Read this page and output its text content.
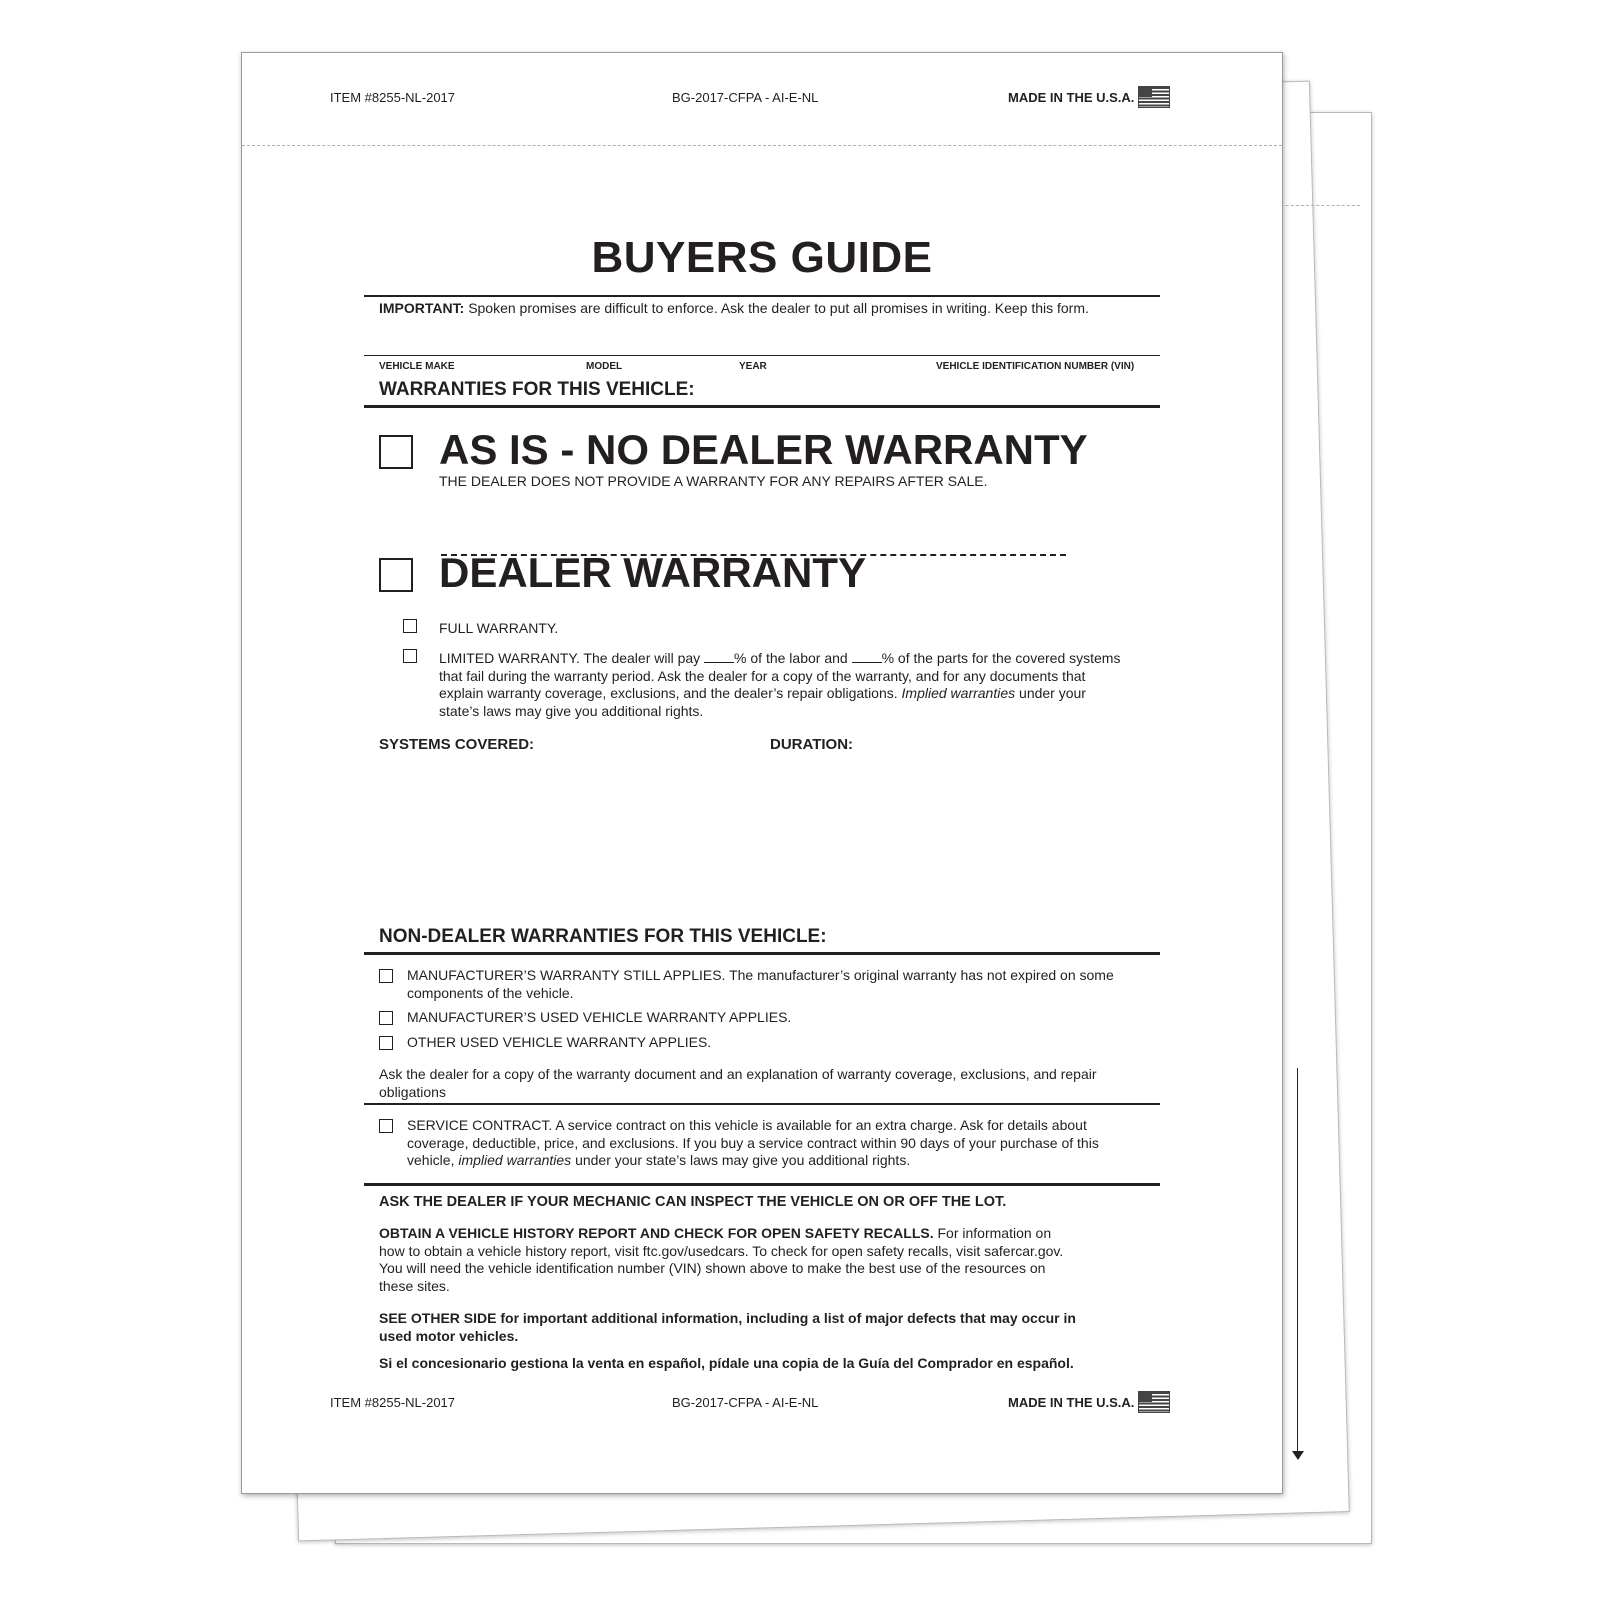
ITEM #8255-NL-2017	BG-2017-CFPA - AI-E-NL	MADE IN THE U.S.A.
BUYERS GUIDE
IMPORTANT: Spoken promises are difficult to enforce. Ask the dealer to put all promises in writing. Keep this form.
VEHICLE MAKE	MODEL	YEAR	VEHICLE IDENTIFICATION NUMBER (VIN)
WARRANTIES FOR THIS VEHICLE:
AS IS - NO DEALER WARRANTY
THE DEALER DOES NOT PROVIDE A WARRANTY FOR ANY REPAIRS AFTER SALE.
DEALER WARRANTY
FULL WARRANTY.
LIMITED WARRANTY. The dealer will pay % of the labor and % of the parts for the covered systems
that fail during the warranty period. Ask the dealer for a copy of the warranty, and for any documents that
explain warranty coverage, exclusions, and the dealer’s repair obligations. Implied warranties under your
state’s laws may give you additional rights.
SYSTEMS COVERED:	DURATION:
NON-DEALER WARRANTIES FOR THIS VEHICLE:
MANUFACTURER’S WARRANTY STILL APPLIES. The manufacturer’s original warranty has not expired on some
components of the vehicle.
MANUFACTURER’S USED VEHICLE WARRANTY APPLIES.
OTHER USED VEHICLE WARRANTY APPLIES.
Ask the dealer for a copy of the warranty document and an explanation of warranty coverage, exclusions, and repair
obligations
SERVICE CONTRACT. A service contract on this vehicle is available for an extra charge. Ask for details about
coverage, deductible, price, and exclusions. If you buy a service contract within 90 days of your purchase of this
vehicle, implied warranties under your state’s laws may give you additional rights.
ASK THE DEALER IF YOUR MECHANIC CAN INSPECT THE VEHICLE ON OR OFF THE LOT.
OBTAIN A VEHICLE HISTORY REPORT AND CHECK FOR OPEN SAFETY RECALLS. For information on
how to obtain a vehicle history report, visit ftc.gov/usedcars. To check for open safety recalls, visit safercar.gov.
You will need the vehicle identification number (VIN) shown above to make the best use of the resources on
these sites.
SEE OTHER SIDE for important additional information, including a list of major defects that may occur in
used motor vehicles.
Si el concesionario gestiona la venta en español, pídale una copia de la Guía del Comprador en español.
ITEM #8255-NL-2017	BG-2017-CFPA - AI-E-NL	MADE IN THE U.S.A.
